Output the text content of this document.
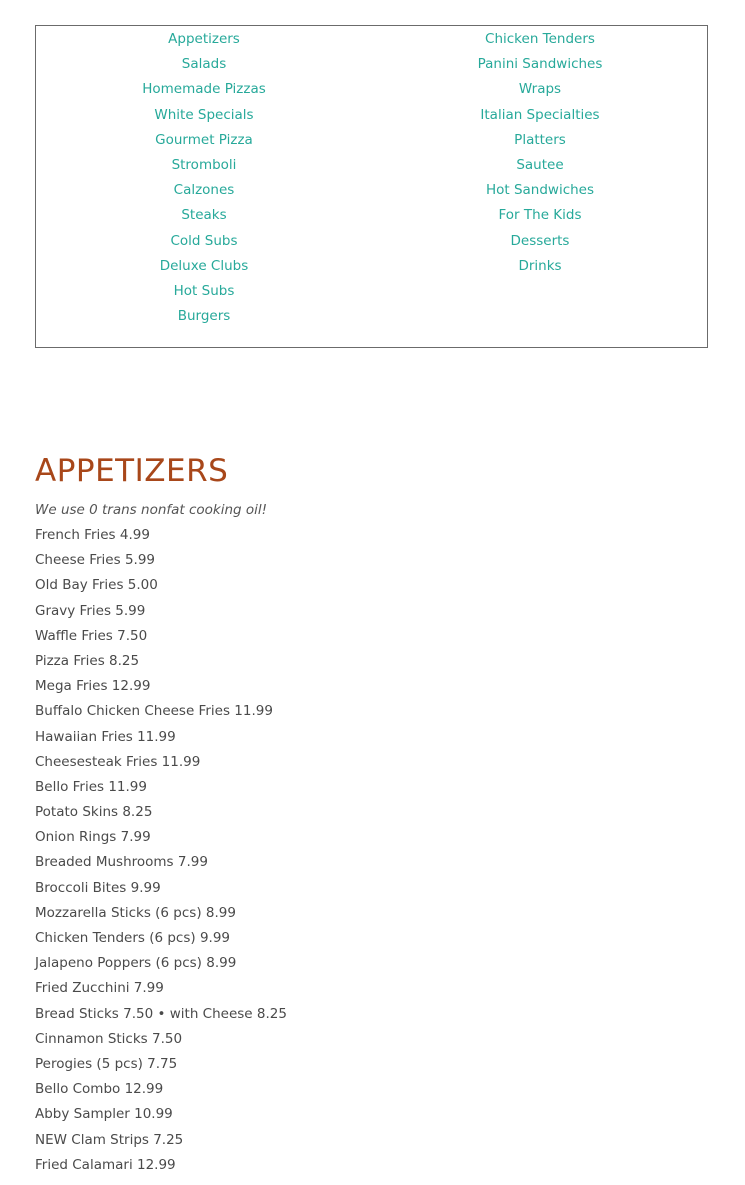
Appetizers
Salads
Homemade Pizzas
White Specials
Gourmet Pizza
Stromboli
Calzones
Steaks
Cold Subs
Deluxe Clubs
Hot Subs
Burgers
Chicken Tenders
Panini Sandwiches
Wraps
Italian Specialties
Platters
Sautee
Hot Sandwiches
For The Kids
Desserts
Drinks
APPETIZERS
We use 0 trans nonfat cooking oil!
French Fries 4.99
Cheese Fries 5.99
Old Bay Fries 5.00
Gravy Fries 5.99
Waffle Fries 7.50
Pizza Fries 8.25
Mega Fries 12.99
Buffalo Chicken Cheese Fries 11.99
Hawaiian Fries 11.99
Cheesesteak Fries 11.99
Bello Fries 11.99
Potato Skins 8.25
Onion Rings 7.99
Breaded Mushrooms 7.99
Broccoli Bites 9.99
Mozzarella Sticks (6 pcs) 8.99
Chicken Tenders (6 pcs) 9.99
Jalapeno Poppers (6 pcs) 8.99
Fried Zucchini 7.99
Bread Sticks 7.50 • with Cheese 8.25
Cinnamon Sticks 7.50
Perogies (5 pcs) 7.75
Bello Combo 12.99
Abby Sampler 10.99
NEW Clam Strips 7.25
Fried Calamari 12.99
